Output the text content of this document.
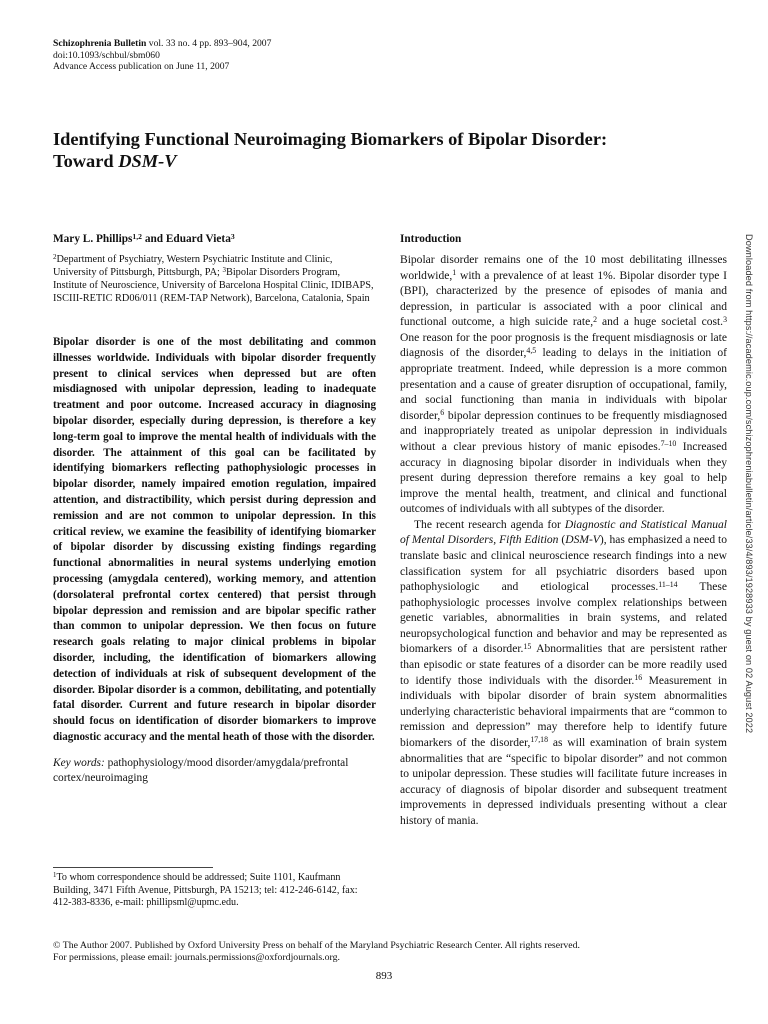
Schizophrenia Bulletin vol. 33 no. 4 pp. 893–904, 2007
doi:10.1093/schbul/sbm060
Advance Access publication on June 11, 2007
Identifying Functional Neuroimaging Biomarkers of Bipolar Disorder:
Toward DSM-V
Mary L. Phillips$^{1,2}$ and Eduard Vieta$^3$
$^2$Department of Psychiatry, Western Psychiatric Institute and Clinic, University of Pittsburgh, Pittsburgh, PA; $^3$Bipolar Disorders Program, Institute of Neuroscience, University of Barcelona Hospital Clinic, IDIBAPS, ISCIII-RETIC RD06/011 (REM-TAP Network), Barcelona, Catalonia, Spain

Bipolar disorder is one of the most debilitating and common illnesses worldwide. Individuals with bipolar disorder frequently present to clinical services when depressed but are often misdiagnosed with unipolar depression, leading to inadequate treatment and poor outcome. Increased accuracy in diagnosing bipolar disorder, especially during depression, is therefore a key long-term goal to improve the mental health of individuals with the disorder. The attainment of this goal can be facilitated by identifying biomarkers reflecting pathophysiologic processes in bipolar disorder, namely impaired emotion regulation, impaired attention, and distractibility, which persist during depression and remission and are not common to unipolar depression. In this critical review, we examine the feasibility of identifying biomarker of bipolar disorder by discussing existing findings regarding functional abnormalities in neural systems underlying emotion processing (amygdala centered), working memory, and attention (dorsolateral prefrontal cortex centered) that persist through bipolar depression and remission and are bipolar specific rather than common to unipolar depression. We then focus on future research goals relating to major clinical problems in bipolar disorder, including, the identification of biomarkers allowing detection of individuals at risk of subsequent development of the disorder. Bipolar disorder is a common, debilitating, and potentially fatal disorder. Current and future research in bipolar disorder should focus on identification of disorder biomarkers to improve diagnostic accuracy and the mental heath of those with the disorder.

Key words: pathophysiology/mood disorder/amygdala/prefrontal cortex/neuroimaging

$^1$To whom correspondence should be addressed; Suite 1101, Kaufmann Building, 3471 Fifth Avenue, Pittsburgh, PA 15213; tel: 412-246-6142, fax: 412-383-8336, e-mail: phillipsml@upmc.edu.
Introduction

Bipolar disorder remains one of the 10 most debilitating illnesses worldwide,$^1$ with a prevalence of at least 1%. Bipolar disorder type I (BPI), characterized by the presence of episodes of mania and depression, in particular is associated with a poor clinical and functional outcome, a high suicide rate,$^2$ and a huge societal cost.$^3$ One reason for the poor prognosis is the frequent misdiagnosis or late diagnosis of the disorder,$^{4,5}$ leading to delays in the initiation of appropriate treatment. Indeed, while depression is a more common presentation and a cause of greater disruption of occupational, family, and social functioning than mania in individuals with bipolar disorder,$^6$ bipolar depression continues to be frequently misdiagnosed and inappropriately treated as unipolar depression in individuals without a clear previous history of manic episodes.$^{7-10}$ Increased accuracy in diagnosing bipolar disorder in individuals when they present during depression therefore remains a key goal to help improve the mental health, treatment, and clinical and functional outcomes of individuals with all subtypes of the disorder.

The recent research agenda for Diagnostic and Statistical Manual of Mental Disorders, Fifth Edition (DSM-V), has emphasized a need to translate basic and clinical neuroscience research findings into a new classification system for all psychiatric disorders based upon pathophysiologic and etiological processes.$^{11-14}$ These pathophysiologic processes involve complex relationships between genetic variables, abnormalities in brain systems, and related neuropsychological function and behavior and may be represented as biomarkers of a disorder.$^{15}$ Abnormalities that are persistent rather than episodic or state features of a disorder can be more readily used to identify those individuals with the disorder.$^{16}$ Measurement in individuals with bipolar disorder of brain system abnormalities underlying characteristic behavioral impairments that are “common to remission and depression” may therefore help to identify future biomarkers of the disorder,$^{17,18}$ as will examination of brain system abnormalities that are “specific to bipolar disorder” and not common to unipolar depression. These studies will facilitate future increases in accuracy of diagnosis of bipolar disorder and subsequent treatment improvements in depressed individuals presenting without a clear history of mania.

Downloaded from https://academic.oup.com/schizophreniabulletin/article/33/4/893/1928933 by guest on 02 August 2022
© The Author 2007. Published by Oxford University Press on behalf of the Maryland Psychiatric Research Center. All rights reserved.
For permissions, please email: journals.permissions@oxfordjournals.org.
893
